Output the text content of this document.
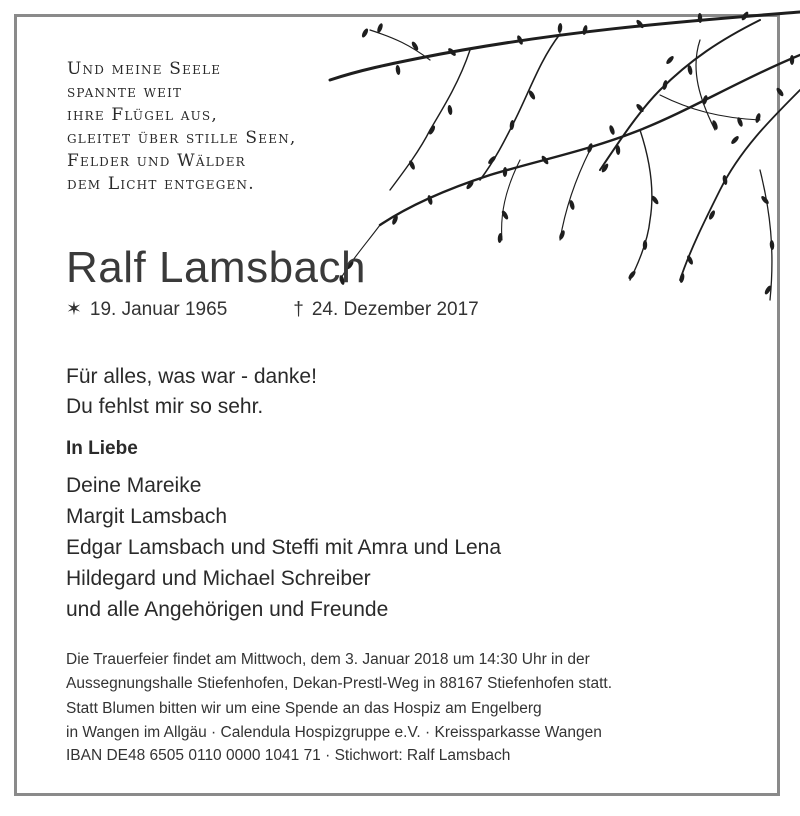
Und meine Seele
spannte weit
ihre Flügel aus,
gleitet über stille Seen,
Felder und Wälder
dem Licht entgegen.
Ralf Lamsbach
✶ 19. Januar 1965	† 24. Dezember 2017
Für alles, was war - danke!
Du fehlst mir so sehr.
In Liebe
Deine Mareike
Margit Lamsbach
Edgar Lamsbach und Steffi mit Amra und Lena
Hildegard und Michael Schreiber
und alle Angehörigen und Freunde
Die Trauerfeier findet am Mittwoch, dem 3. Januar 2018 um 14:30 Uhr in der
Aussegnungshalle Stiefenhofen, Dekan-Prestl-Weg in 88167 Stiefenhofen statt.
Statt Blumen bitten wir um eine Spende an das Hospiz am Engelberg
in Wangen im Allgäu · Calendula Hospizgruppe e.V. · Kreissparkasse Wangen
IBAN DE48 6505 0110 0000 1041 71 · Stichwort: Ralf Lamsbach
